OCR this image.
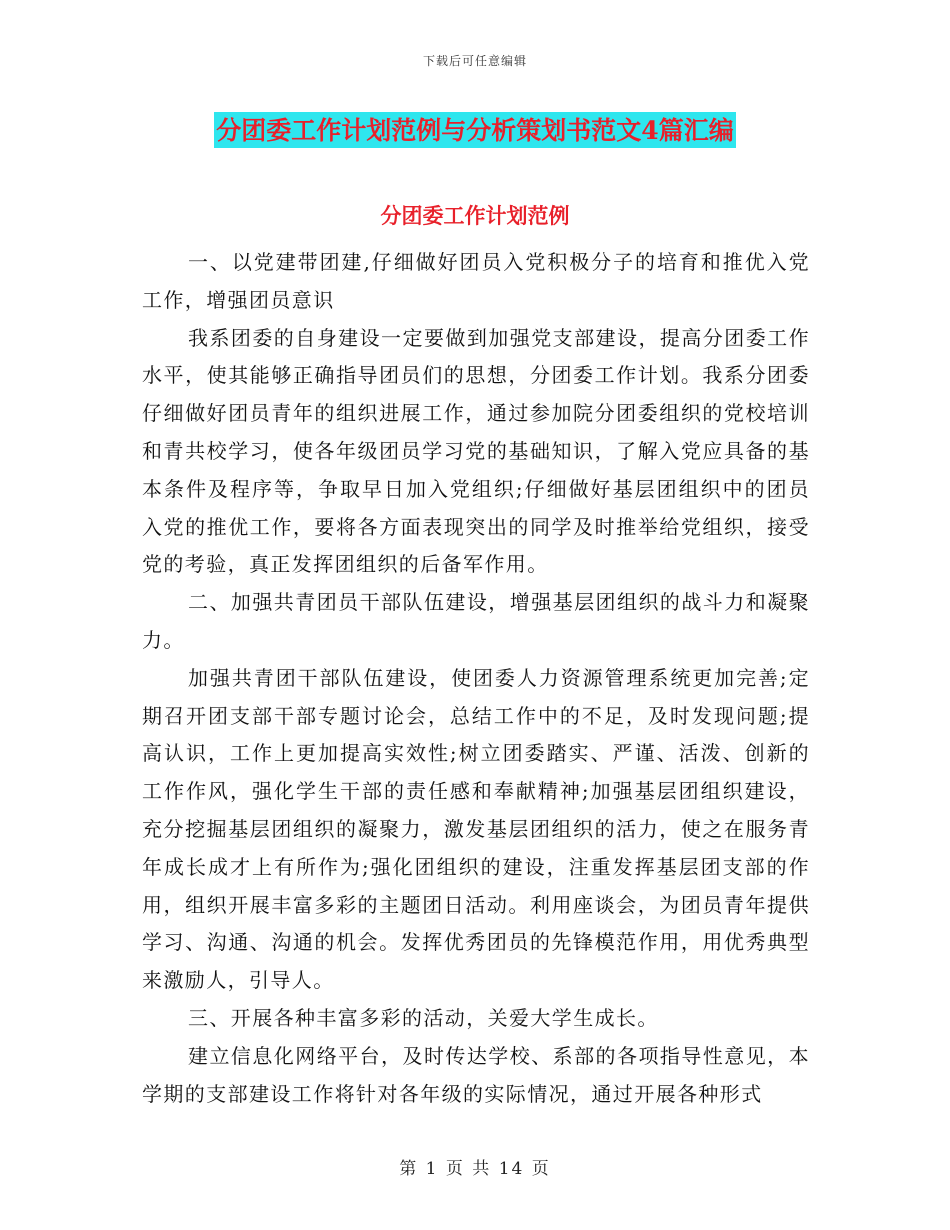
下载后可任意编辑
分团委工作计划范例与分析策划书范文4篇汇编
分团委工作计划范例

一、以党建带团建,仔细做好团员入党积极分子的培育和推优入党工作，增强团员意识

我系团委的自身建设一定要做到加强党支部建设，提高分团委工作水平，使其能够正确指导团员们的思想，分团委工作计划。我系分团委仔细做好团员青年的组织进展工作，通过参加院分团委组织的党校培训和青共校学习，使各年级团员学习党的基础知识，了解入党应具备的基本条件及程序等，争取早日加入党组织;仔细做好基层团组织中的团员入党的推优工作，要将各方面表现突出的同学及时推举给党组织，接受党的考验，真正发挥团组织的后备军作用。

二、加强共青团员干部队伍建设，增强基层团组织的战斗力和凝聚力。

加强共青团干部队伍建设，使团委人力资源管理系统更加完善;定期召开团支部干部专题讨论会，总结工作中的不足，及时发现问题;提高认识，工作上更加提高实效性;树立团委踏实、严谨、活泼、创新的工作作风，强化学生干部的责任感和奉献精神;加强基层团组织建设，充分挖掘基层团组织的凝聚力，激发基层团组织的活力，使之在服务青年成长成才上有所作为;强化团组织的建设，注重发挥基层团支部的作用，组织开展丰富多彩的主题团日活动。利用座谈会，为团员青年提供学习、沟通、沟通的机会。发挥优秀团员的先锋模范作用，用优秀典型来激励人，引导人。

三、开展各种丰富多彩的活动，关爱大学生成长。

建立信息化网络平台，及时传达学校、系部的各项指导性意见，本学期的支部建设工作将针对各年级的实际情况，通过开展各种形式

第 1 页 共 14 页
